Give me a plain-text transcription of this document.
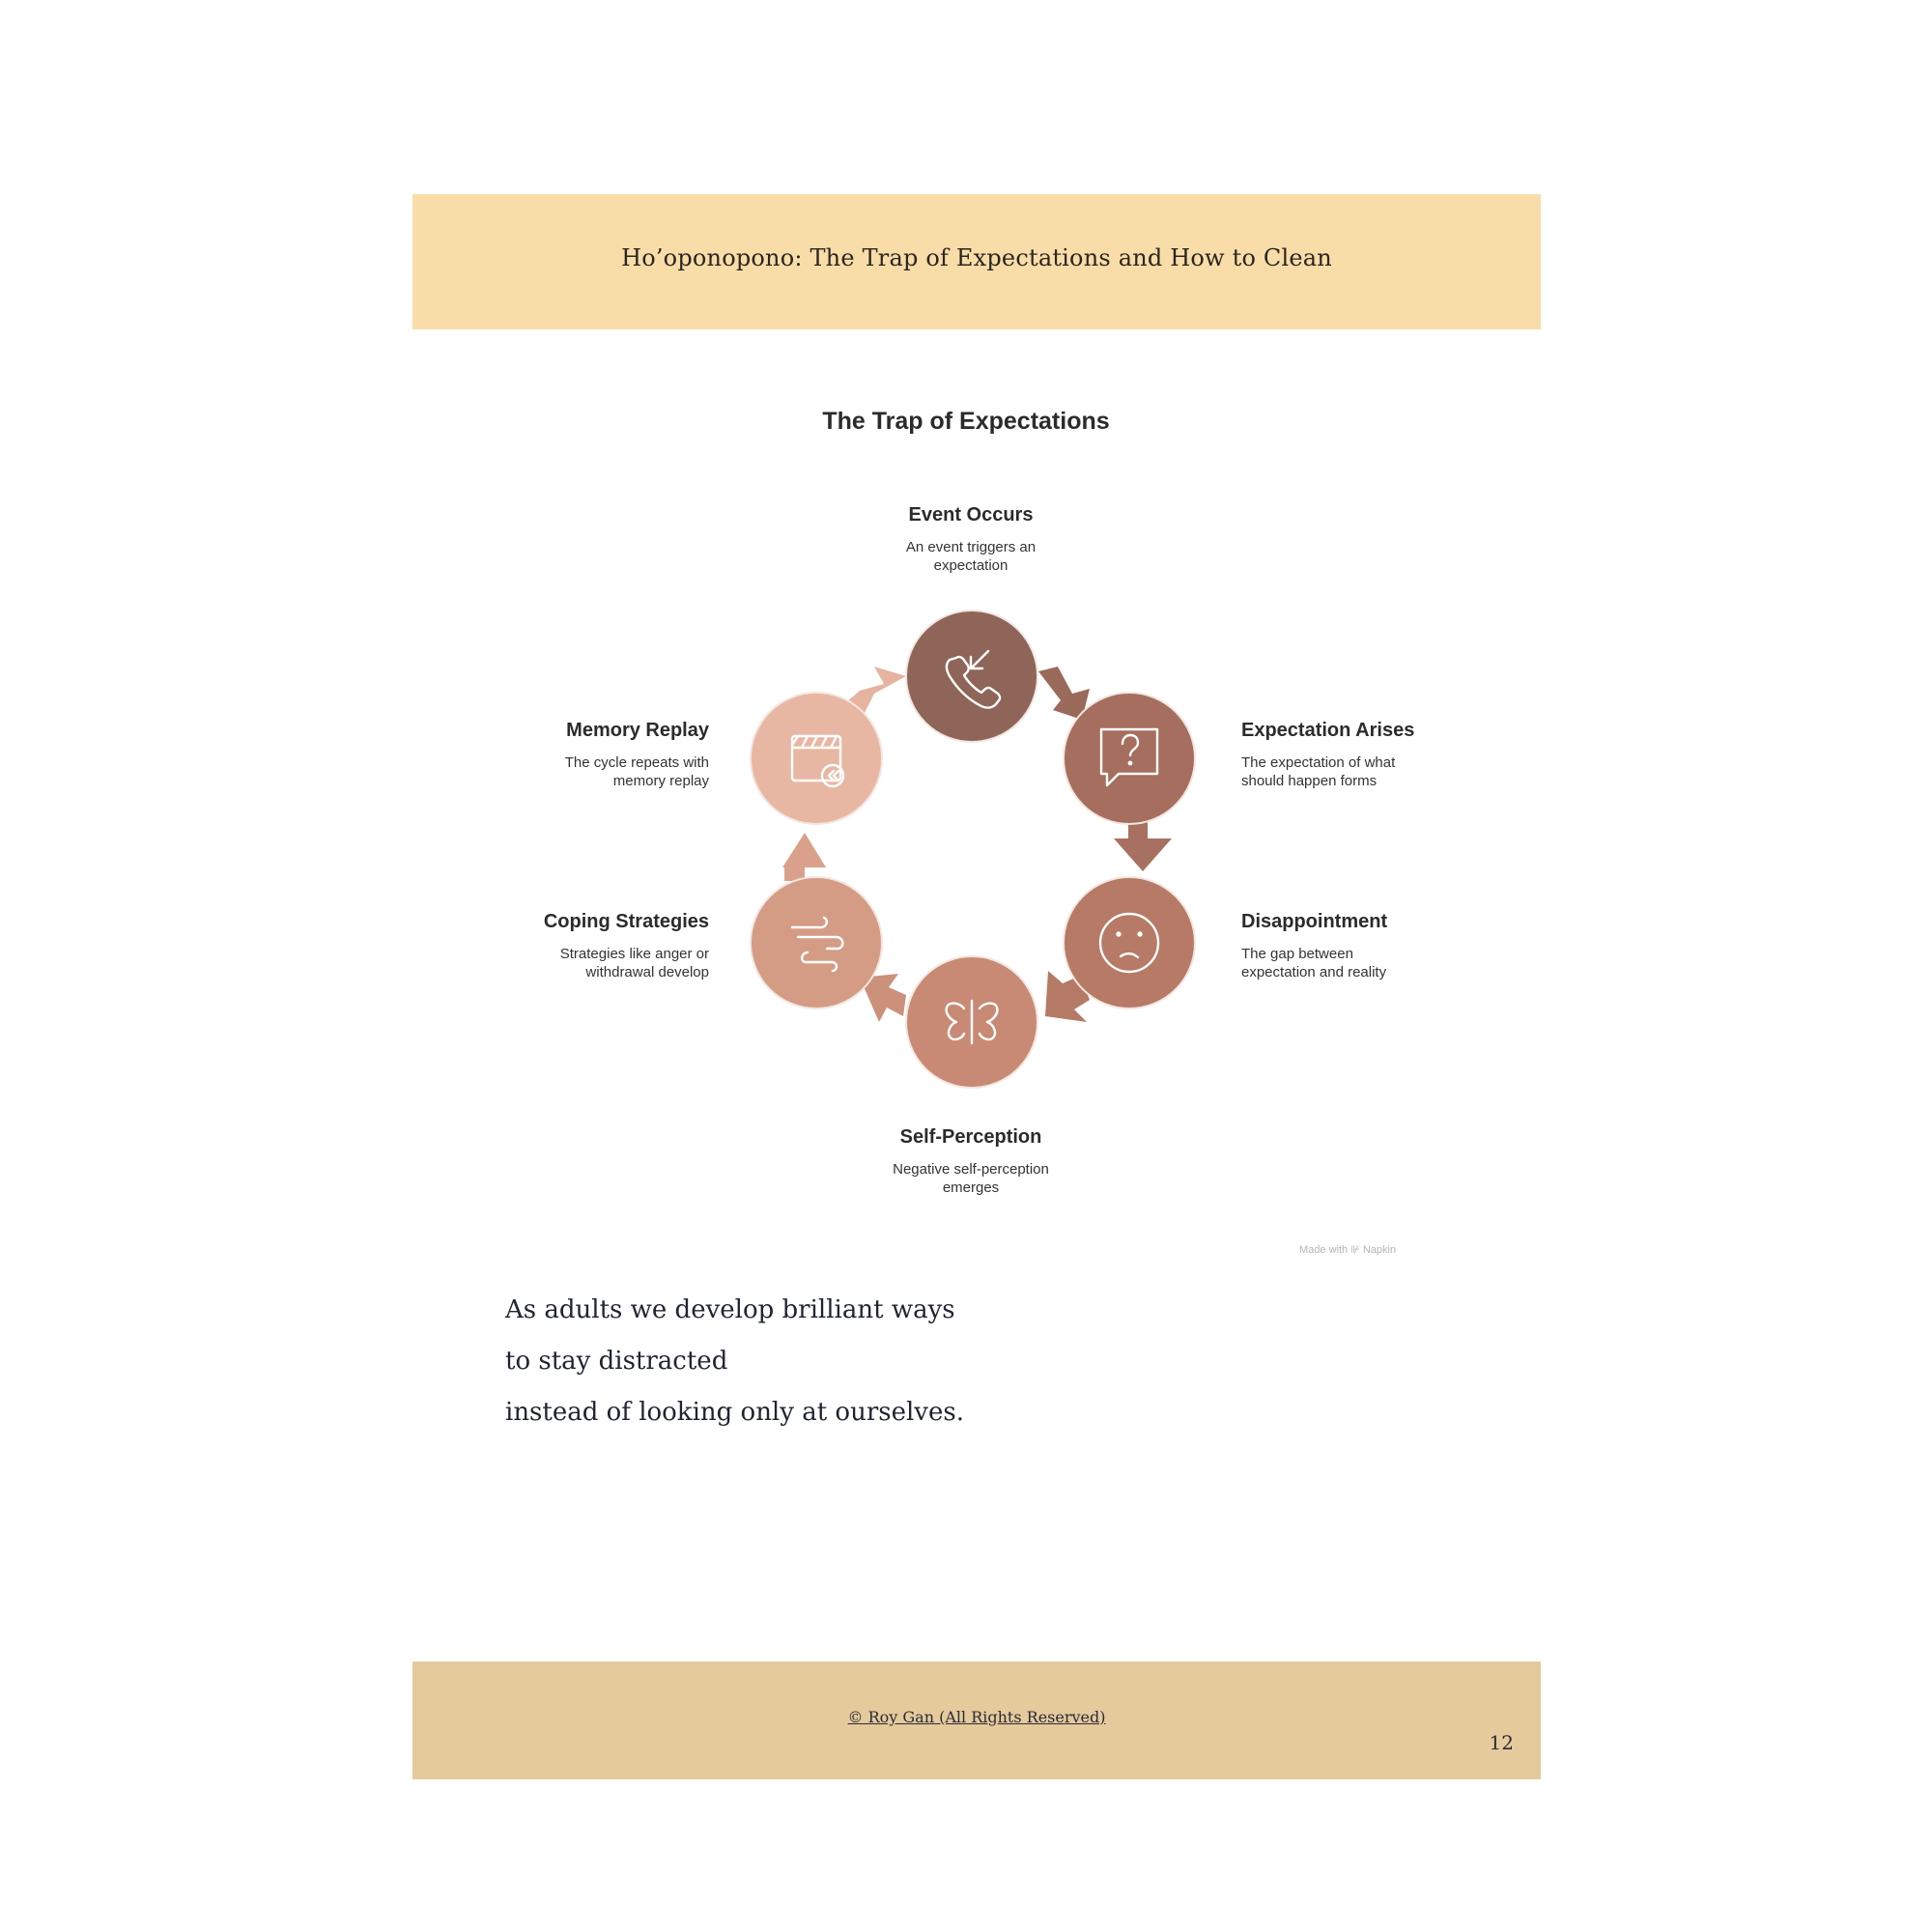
Ho’oponopono: The Trap of Expectations and How to Clean
The Trap of Expectations
Event Occurs
An event triggers an
expectation
Expectation Arises
The expectation of what
should happen forms
Disappointment
The gap between
expectation and reality
Self-Perception
Negative self-perception
emerges
Coping Strategies
Strategies like anger or
withdrawal develop
Memory Replay
The cycle repeats with
memory replay
Made with ⊮ Napkin
As adults we develop brilliant ways
to stay distracted
instead of looking only at ourselves.
© Roy Gan (All Rights Reserved)
12
